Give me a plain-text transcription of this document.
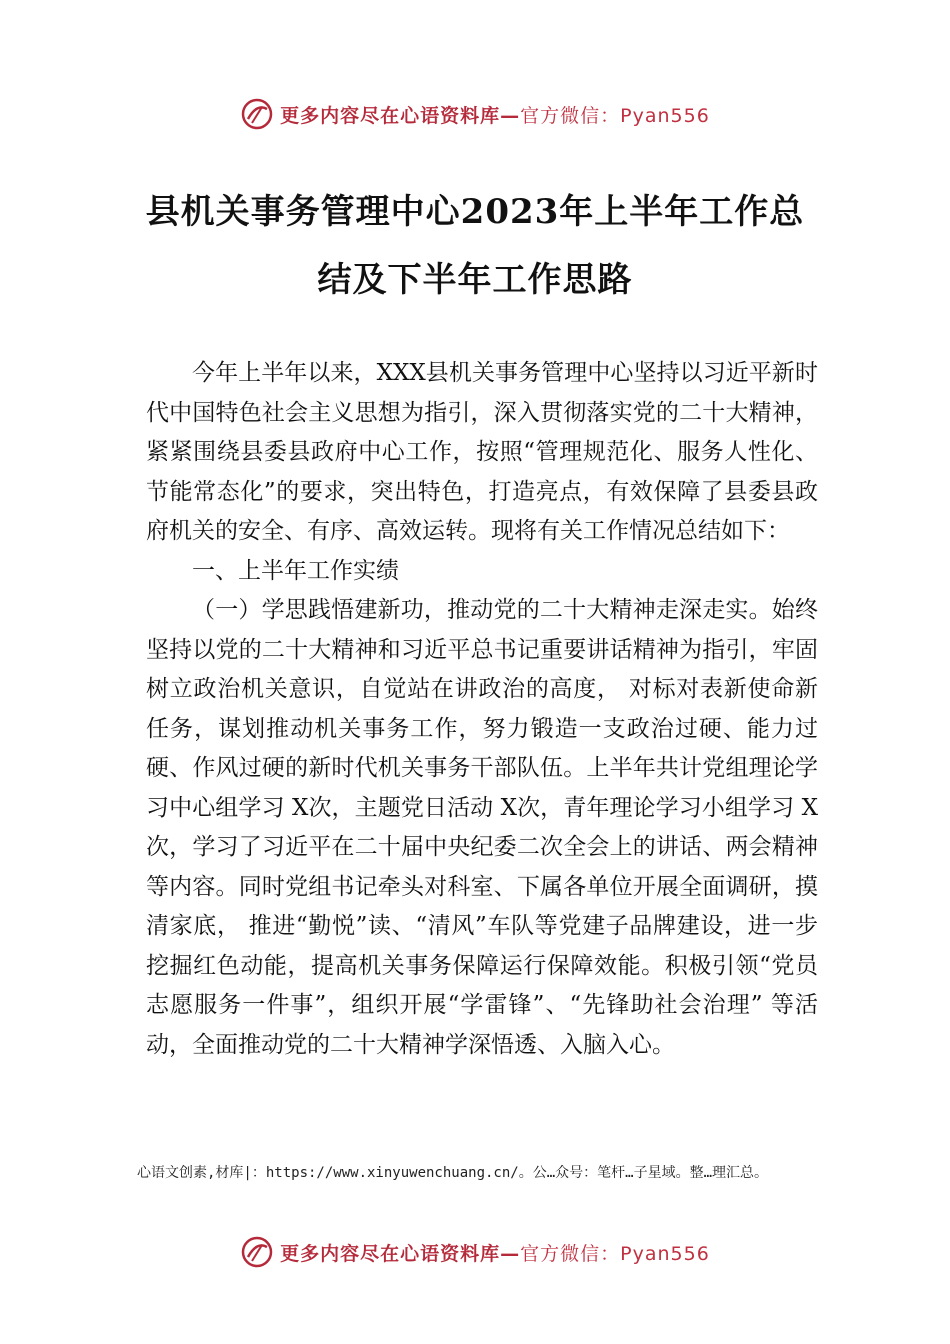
更多内容尽在心语资料库—官方微信：Pyan556
县机关事务管理中心2023年上半年工作总
结及下半年工作思路

今年上半年以来，XXX县机关事务管理中心坚持以习近平新时代中国特色社会主义思想为指引，深入贯彻落实党的二十大精神，紧紧围绕县委县政府中心工作，按照“管理规范化、服务人性化、节能常态化”的要求，突出特色，打造亮点，有效保障了县委县政府机关的安全、有序、高效运转。现将有关工作情况总结如下：

一、上半年工作实绩

（一）学思践悟建新功，推动党的二十大精神走深走实。始终坚持以党的二十大精神和习近平总书记重要讲话精神为指引，牢固树立政治机关意识，自觉站在讲政治的高度， 对标对表新使命新任务，谋划推动机关事务工作，努力锻造一支政治过硬、能力过硬、作风过硬的新时代机关事务干部队伍。上半年共计党组理论学习中心组学习 X次，主题党日活动 X次，青年理论学习小组学习 X次，学习了习近平在二十届中央纪委二次全会上的讲话、两会精神等内容。同时党组书记牵头对科室、下属各单位开展全面调研，摸清家底， 推进“勤悦”读、“清风”车队等党建子品牌建设，进一步挖掘红色动能，提高机关事务保障运行保障效能。积极引领“党员志愿服务一件事”，组织开展“学雷锋”、“先锋助社会治理” 等活动，全面推动党的二十大精神学深悟透、入脑入心。

心语文创素,材库|：https://www.xinyuwenchuang.cn/。公…众号：笔杆…子星域。整…理汇总。
更多内容尽在心语资料库—官方微信：Pyan556
